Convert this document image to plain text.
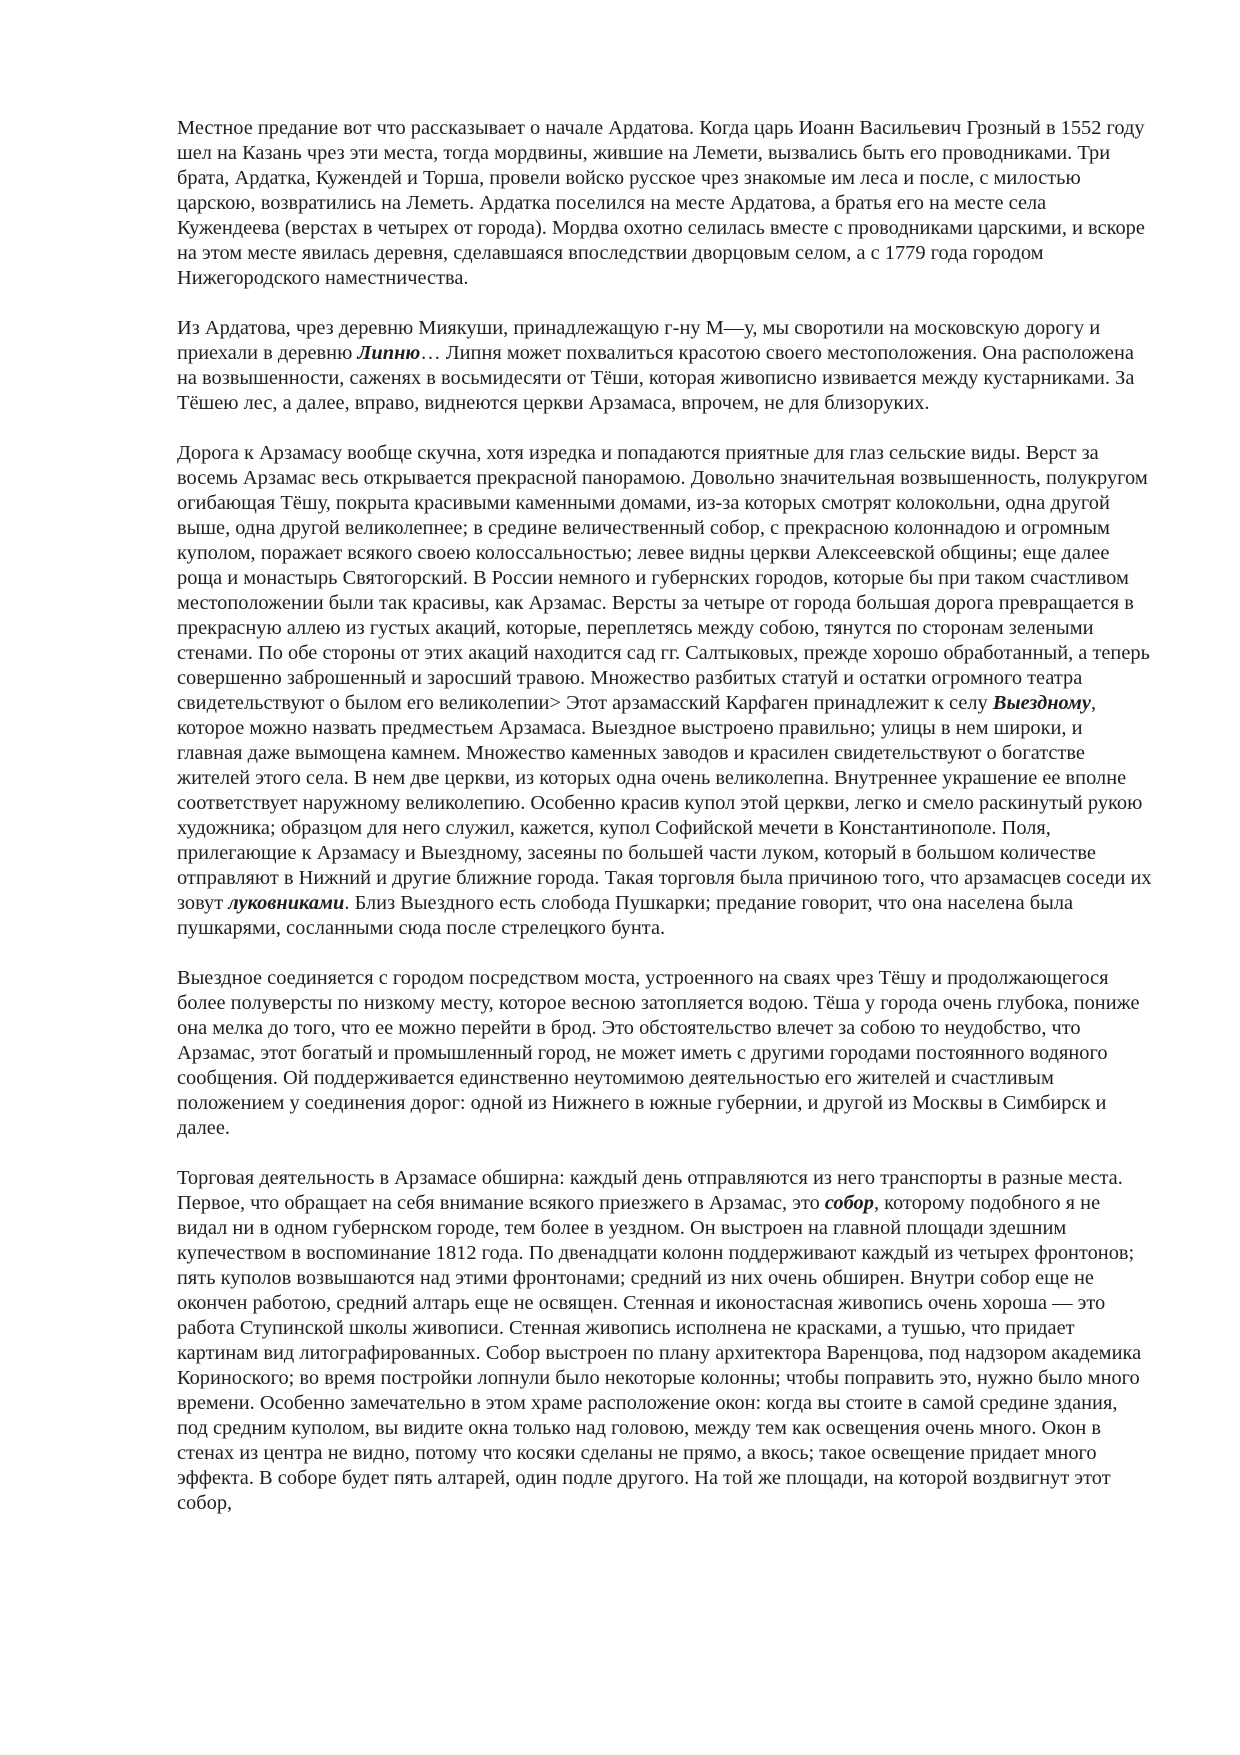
Местное предание вот что рассказывает о начале Ардатова. Когда царь Иоанн Васильевич Грозный в 1552 году шел на Казань чрез эти места, тогда мордвины, жившие на Лемети, вызвались быть его проводниками. Три брата, Ардатка, Кужендей и Торша, провели войско русское чрез знакомые им леса и после, с милостью царскою, возвратились на Леметь. Ардатка поселился на месте Ардатова, а братья его на месте села Кужендеева (верстах в четырех от города). Мордва охотно селилась вместе с проводниками царскими, и вскоре на этом месте явилась деревня, сделавшаяся впоследствии дворцовым селом, а с 1779 года городом Нижегородского наместничества.

Из Ардатова, чрез деревню Миякуши, принадлежащую г-ну М—у, мы своротили на московскую дорогу и приехали в деревню Липню… Липня может похвалиться красотою своего местоположения. Она расположена на возвышенности, саженях в восьмидесяти от Тёши, которая живописно извивается между кустарниками. За Тёшею лес, а далее, вправо, виднеются церкви Арзамаса, впрочем, не для близоруких.

Дорога к Арзамасу вообще скучна, хотя изредка и попадаются приятные для глаз сельские виды. Верст за восемь Арзамас весь открывается прекрасной панорамою. Довольно значительная возвышенность, полукругом огибающая Тёшу, покрыта красивыми каменными домами, из-за которых смотрят колокольни, одна другой выше, одна другой великолепнее; в средине величественный собор, с прекрасною колоннадою и огромным куполом, поражает всякого своею колоссальностью; левее видны церкви Алексеевской общины; еще далее роща и монастырь Святогорский. В России немного и губернских городов, которые бы при таком счастливом местоположении были так красивы, как Арзамас. Версты за четыре от города большая дорога превращается в прекрасную аллею из густых акаций, которые, переплетясь между собою, тянутся по сторонам зелеными стенами. По обе стороны от этих акаций находится сад гг. Салтыковых, прежде хорошо обработанный, а теперь совершенно заброшенный и заросший травою. Множество разбитых статуй и остатки огромного театра свидетельствуют о былом его великолепии> Этот арзамасский Карфаген принадлежит к селу Выездному, которое можно назвать предместьем Арзамаса. Выездное выстроено правильно; улицы в нем широки, и главная даже вымощена камнем. Множество каменных заводов и красилен свидетельствуют о богатстве жителей этого села. В нем две церкви, из которых одна очень великолепна. Внутреннее украшение ее вполне соответствует наружному великолепию. Особенно красив купол этой церкви, легко и смело раскинутый рукою художника; образцом для него служил, кажется, купол Софийской мечети в Константинополе. Поля, прилегающие к Арзамасу и Выездному, засеяны по большей части луком, который в большом количестве отправляют в Нижний и другие ближние города. Такая торговля была причиною того, что арзамасцев соседи их зовут луковниками. Близ Выездного есть слобода Пушкарки; предание говорит, что она населена была пушкарями, сосланными сюда после стрелецкого бунта.

Выездное соединяется с городом посредством моста, устроенного на сваях чрез Тёшу и продолжающегося более полуверсты по низкому месту, которое весною затопляется водою. Тёша у города очень глубока, пониже она мелка до того, что ее можно перейти в брод. Это обстоятельство влечет за собою то неудобство, что Арзамас, этот богатый и промышленный город, не может иметь с другими городами постоянного водяного сообщения. Ой поддерживается единственно неутомимою деятельностью его жителей и счастливым положением у соединения дорог: одной из Нижнего в южные губернии, и другой из Москвы в Симбирск и далее.

Торговая деятельность в Арзамасе обширна: каждый день отправляются из него транспорты в разные места. Первое, что обращает на себя внимание всякого приезжего в Арзамас, это собор, которому подобного я не видал ни в одном губернском городе, тем более в уездном. Он выстроен на главной площади здешним купечеством в воспоминание 1812 года. По двенадцати колонн поддерживают каждый из четырех фронтонов; пять куполов возвышаются над этими фронтонами; средний из них очень обширен. Внутри собор еще не окончен работою, средний алтарь еще не освящен. Стенная и иконостасная живопись очень хороша — это работа Ступинской школы живописи. Стенная живопись исполнена не красками, а тушью, что придает картинам вид литографированных. Собор выстроен по плану архитектора Варенцова, под надзором академика Кориноского; во время постройки лопнули было некоторые колонны; чтобы поправить это, нужно было много времени. Особенно замечательно в этом храме расположение окон: когда вы стоите в самой средине здания, под средним куполом, вы видите окна только над головою, между тем как освещения очень много. Окон в стенах из центра не видно, потому что косяки сделаны не прямо, а вкось; такое освещение придает много эффекта. В соборе будет пять алтарей, один подле другого. На той же площади, на которой воздвигнут этот собор,
